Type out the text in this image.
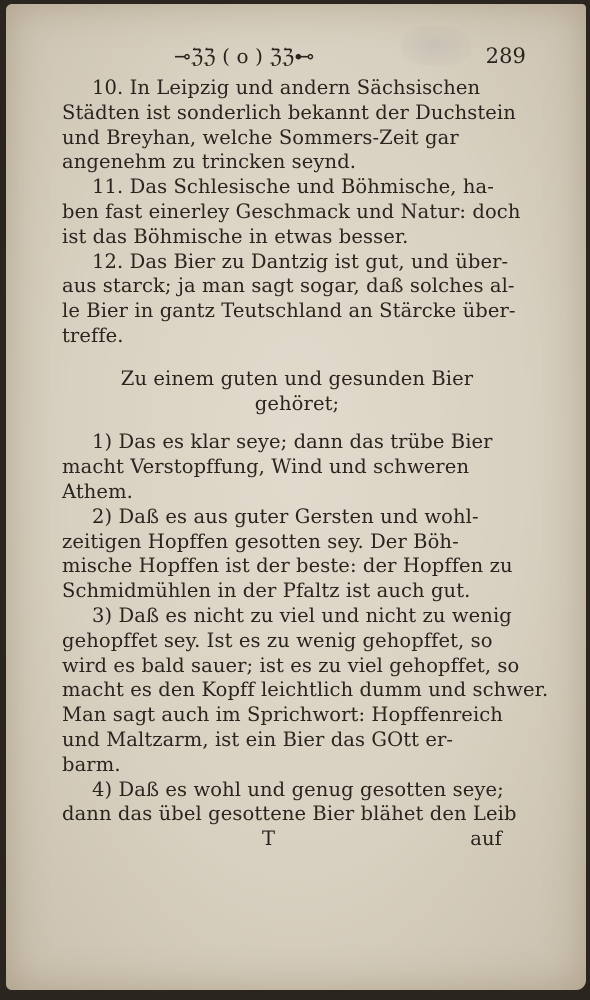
⊸ℨℨ ( o ) ℨℨ⊷	289
10. In Leipzig und andern Sächsischen
Städten ist sonderlich bekannt der Duchstein
und Breyhan, welche Sommers-Zeit gar
angenehm zu trincken seynd.
11. Das Schlesische und Böhmische, ha-
ben fast einerley Geschmack und Natur: doch
ist das Böhmische in etwas besser.
12. Das Bier zu Dantzig ist gut, und über-
aus starck; ja man sagt sogar, daß solches al-
le Bier in gantz Teutschland an Stärcke über-
treffe.
Zu einem guten und gesunden Bier
gehöret;
1) Das es klar seye; dann das trübe Bier
macht Verstopffung, Wind und schweren
Athem.
2) Daß es aus guter Gersten und wohl-
zeitigen Hopffen gesotten sey. Der Böh-
mische Hopffen ist der beste: der Hopffen zu
Schmidmühlen in der Pfaltz ist auch gut.
3) Daß es nicht zu viel und nicht zu wenig
gehopffet sey. Ist es zu wenig gehopffet, so
wird es bald sauer; ist es zu viel gehopffet, so
macht es den Kopff leichtlich dumm und schwer.
Man sagt auch im Sprichwort: Hopffenreich
und Maltzarm, ist ein Bier das GOtt er-
barm.
4) Daß es wohl und genug gesotten seye;
dann das übel gesottene Bier blähet den Leib
T	auf
